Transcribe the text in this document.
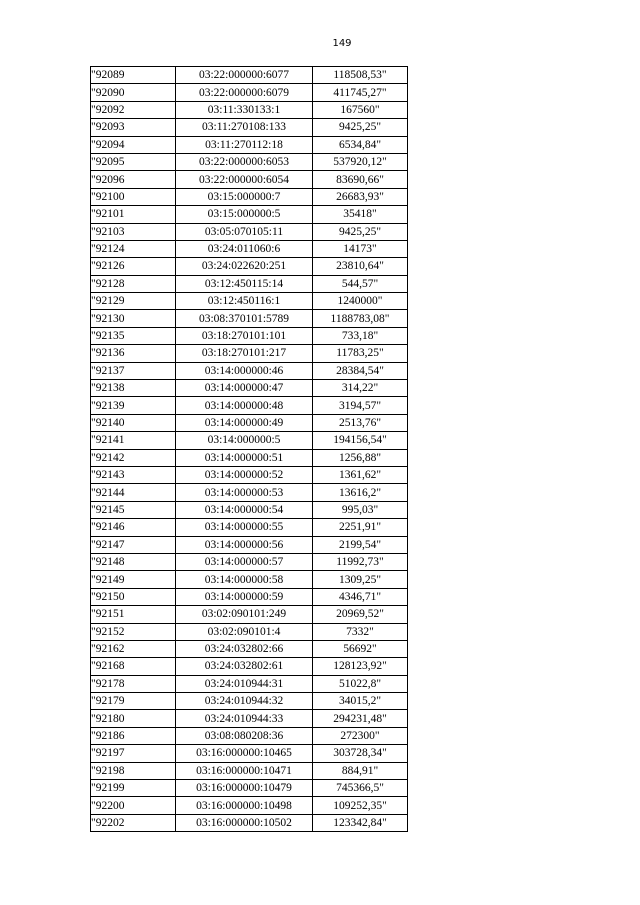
149
"92089	03:22:000000:6077	118508,53"
"92090	03:22:000000:6079	411745,27"
"92092	03:11:330133:1	167560"
"92093	03:11:270108:133	9425,25"
"92094	03:11:270112:18	6534,84"
"92095	03:22:000000:6053	537920,12"
"92096	03:22:000000:6054	83690,66"
"92100	03:15:000000:7	26683,93"
"92101	03:15:000000:5	35418"
"92103	03:05:070105:11	9425,25"
"92124	03:24:011060:6	14173"
"92126	03:24:022620:251	23810,64"
"92128	03:12:450115:14	544,57"
"92129	03:12:450116:1	1240000"
"92130	03:08:370101:5789	1188783,08"
"92135	03:18:270101:101	733,18"
"92136	03:18:270101:217	11783,25"
"92137	03:14:000000:46	28384,54"
"92138	03:14:000000:47	314,22"
"92139	03:14:000000:48	3194,57"
"92140	03:14:000000:49	2513,76"
"92141	03:14:000000:5	194156,54"
"92142	03:14:000000:51	1256,88"
"92143	03:14:000000:52	1361,62"
"92144	03:14:000000:53	13616,2"
"92145	03:14:000000:54	995,03"
"92146	03:14:000000:55	2251,91"
"92147	03:14:000000:56	2199,54"
"92148	03:14:000000:57	11992,73"
"92149	03:14:000000:58	1309,25"
"92150	03:14:000000:59	4346,71"
"92151	03:02:090101:249	20969,52"
"92152	03:02:090101:4	7332"
"92162	03:24:032802:66	56692"
"92168	03:24:032802:61	128123,92"
"92178	03:24:010944:31	51022,8"
"92179	03:24:010944:32	34015,2"
"92180	03:24:010944:33	294231,48"
"92186	03:08:080208:36	272300"
"92197	03:16:000000:10465	303728,34"
"92198	03:16:000000:10471	884,91"
"92199	03:16:000000:10479	745366,5"
"92200	03:16:000000:10498	109252,35"
"92202	03:16:000000:10502	123342,84"
